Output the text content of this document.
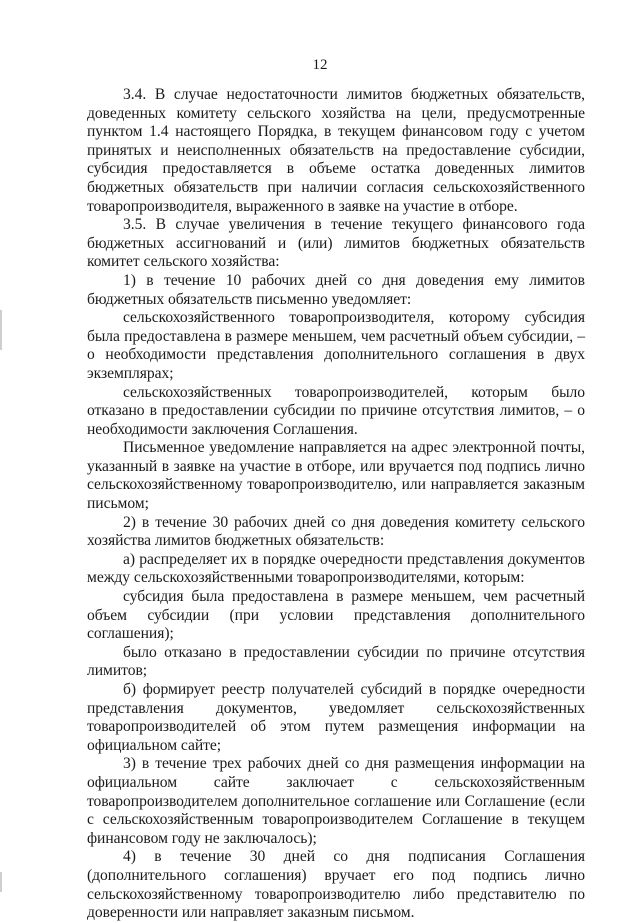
12

3.4. В случае недостаточности лимитов бюджетных обязательств, доведенных комитету сельского хозяйства на цели, предусмотренные пунктом 1.4 настоящего Порядка, в текущем финансовом году с учетом принятых и неисполненных обязательств на предоставление субсидии, субсидия предоставляется в объеме остатка доведенных лимитов бюджетных обязательств при наличии согласия сельскохозяйственного товаропроизводителя, выраженного в заявке на участие в отборе.

3.5. В случае увеличения в течение текущего финансового года бюджетных ассигнований и (или) лимитов бюджетных обязательств комитет сельского хозяйства:

1) в течение 10 рабочих дней со дня доведения ему лимитов бюджетных обязательств письменно уведомляет:

сельскохозяйственного товаропроизводителя, которому субсидия была предоставлена в размере меньшем, чем расчетный объем субсидии, – о необходимости представления дополнительного соглашения в двух экземплярах;

сельскохозяйственных товаропроизводителей, которым было отказано в предоставлении субсидии по причине отсутствия лимитов, – о необходимости заключения Соглашения.

Письменное уведомление направляется на адрес электронной почты, указанный в заявке на участие в отборе, или вручается под подпись лично сельскохозяйственному товаропроизводителю, или направляется заказным письмом;

2) в течение 30 рабочих дней со дня доведения комитету сельского хозяйства лимитов бюджетных обязательств:

а) распределяет их в порядке очередности представления документов между сельскохозяйственными товаропроизводителями, которым:

субсидия была предоставлена в размере меньшем, чем расчетный объем субсидии (при условии представления дополнительного соглашения);

было отказано в предоставлении субсидии по причине отсутствия лимитов;

б) формирует реестр получателей субсидий в порядке очередности представления документов, уведомляет сельскохозяйственных товаропроизводителей об этом путем размещения информации на официальном сайте;

3) в течение трех рабочих дней со дня размещения информации на официальном сайте заключает с сельскохозяйственным товаропроизводителем дополнительное соглашение или Соглашение (если с сельскохозяйственным товаропроизводителем Соглашение в текущем финансовом году не заключалось);

4) в течение 30 дней со дня подписания Соглашения (дополнительного соглашения) вручает его под подпись лично сельскохозяйственному товаропроизводителю либо представителю по доверенности или направляет заказным письмом.
